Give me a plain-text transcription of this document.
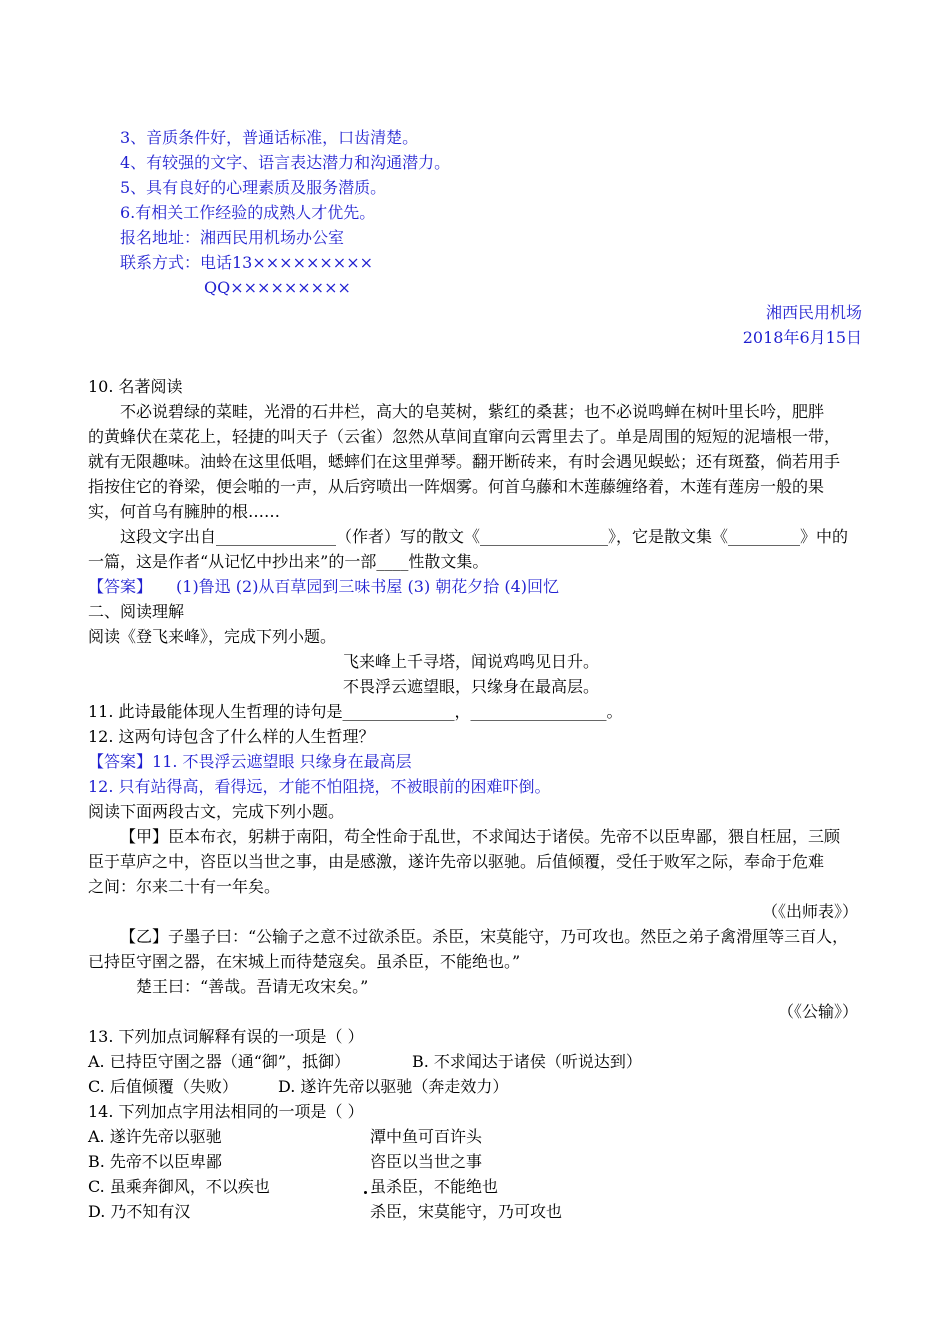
3、音质条件好，普通话标准，口齿清楚。
4、有较强的文字、语言表达潜力和沟通潜力。
5、具有良好的心理素质及服务潜质。
6.有相关工作经验的成熟人才优先。
报名地址：湘西民用机场办公室
联系方式：电话13×××××××××
QQ×××××××××
湘西民用机场
2018年6月15日
10. 名著阅读
不必说碧绿的菜畦，光滑的石井栏，高大的皂荚树，紫红的桑葚；也不必说鸣蝉在树叶里长吟，肥胖
的黄蜂伏在菜花上，轻捷的叫天子（云雀）忽然从草间直窜向云霄里去了。单是周围的短短的泥墙根一带，
就有无限趣味。油蛉在这里低唱，蟋蟀们在这里弹琴。翻开断砖来，有时会遇见蜈蚣；还有斑蝥，倘若用手
指按住它的脊梁，便会啪的一声，从后窍喷出一阵烟雾。何首乌藤和木莲藤缠络着，木莲有莲房一般的果
实，何首乌有臃肿的根……
这段文字出自_______________（作者）写的散文《________________》，它是散文集《_________》中的
一篇，这是作者“从记忆中抄出来”的一部____性散文集。
【答案】 (1)鲁迅 (2)从百草园到三味书屋 (3) 朝花夕拾 (4)回忆
二、阅读理解
阅读《登飞来峰》，完成下列小题。
飞来峰上千寻塔，闻说鸡鸣见日升。
不畏浮云遮望眼，只缘身在最高层。
11. 此诗最能体现人生哲理的诗句是______________，_________________。
12. 这两句诗包含了什么样的人生哲理？
【答案】11. 不畏浮云遮望眼 只缘身在最高层
12. 只有站得高，看得远，才能不怕阻挠，不被眼前的困难吓倒。
阅读下面两段古文，完成下列小题。
【甲】臣本布衣，躬耕于南阳，苟全性命于乱世，不求闻达于诸侯。先帝不以臣卑鄙，猥自枉屈，三顾
臣于草庐之中，咨臣以当世之事，由是感激，遂许先帝以驱驰。后值倾覆，受任于败军之际，奉命于危难
之间：尔来二十有一年矣。
（《出师表》）
【乙】子墨子曰：“公输子之意不过欲杀臣。杀臣，宋莫能守，乃可攻也。然臣之弟子禽滑厘等三百人，
已持臣守圉之器，在宋城上而待楚寇矣。虽杀臣，不能绝也。”
楚王曰：“善哉。吾请无攻宋矣。”
（《公输》）
13. 下列加点词解释有误的一项是（ ）
A. 已持臣守圉之器（通“御”，抵御）	B. 不求闻达于诸侯（听说达到）
C. 后值倾覆（失败）	D. 遂许先帝以驱驰（奔走效力）
14. 下列加点字用法相同的一项是（ ）
A. 遂许先帝以驱驰	潭中鱼可百许头
B. 先帝不以臣卑鄙	咨臣以当世之事
C. 虽乘奔御风，不以疾也	虽杀臣，不能绝也
D. 乃不知有汉	杀臣，宋莫能守，乃可攻也
